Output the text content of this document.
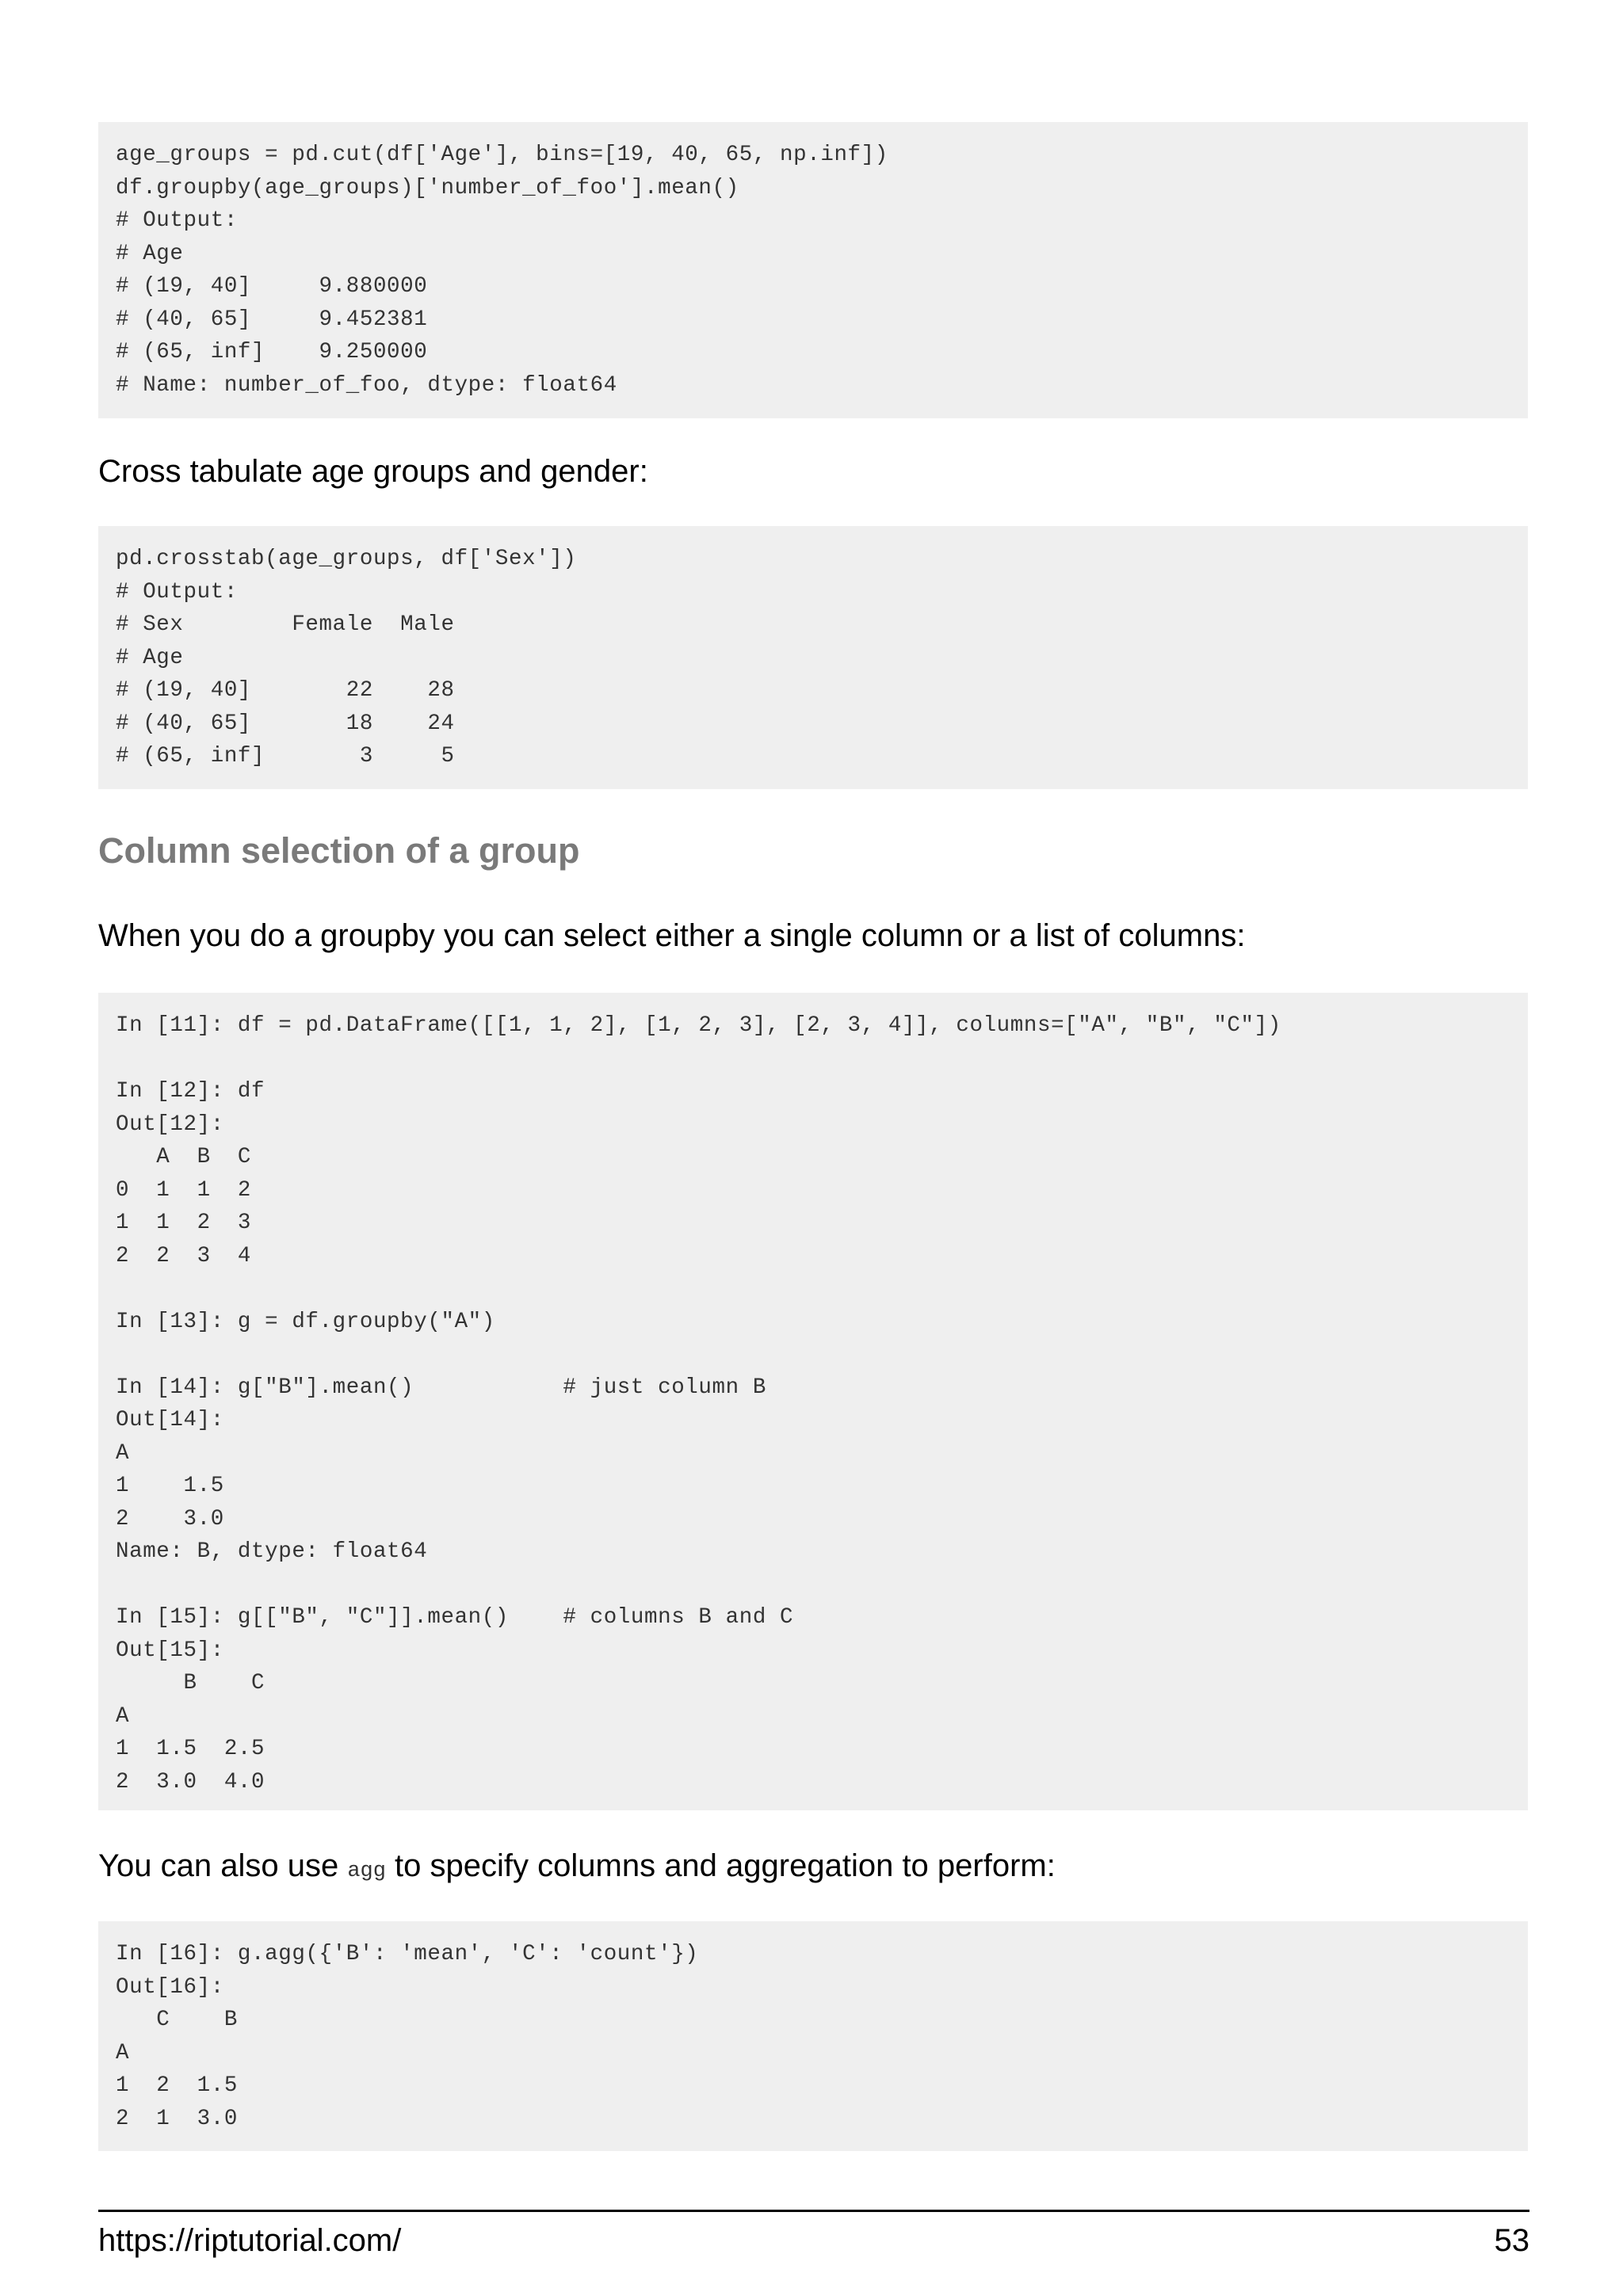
age_groups = pd.cut(df['Age'], bins=[19, 40, 65, np.inf])
df.groupby(age_groups)['number_of_foo'].mean()
# Output:
# Age
# (19, 40]     9.880000
# (40, 65]     9.452381
# (65, inf]    9.250000
# Name: number_of_foo, dtype: float64

Cross tabulate age groups and gender:

pd.crosstab(age_groups, df['Sex'])
# Output:
# Sex        Female  Male
# Age
# (19, 40]       22    28
# (40, 65]       18    24
# (65, inf]       3     5
Column selection of a group

When you do a groupby you can select either a single column or a list of columns:

In [11]: df = pd.DataFrame([[1, 1, 2], [1, 2, 3], [2, 3, 4]], columns=["A", "B", "C"])

In [12]: df
Out[12]:
A  B  C
0  1  1  2
1  1  2  3
2  2  3  4

In [13]: g = df.groupby("A")

In [14]: g["B"].mean()           # just column B
Out[14]:
A
1    1.5
2    3.0
Name: B, dtype: float64

In [15]: g[["B", "C"]].mean()    # columns B and C
Out[15]:
B    C
A
1  1.5  2.5
2  3.0  4.0

You can also use agg to specify columns and aggregation to perform:

In [16]: g.agg({'B': 'mean', 'C': 'count'})
Out[16]:
C    B
A
1  2  1.5
2  1  3.0
https://riptutorial.com/	53
